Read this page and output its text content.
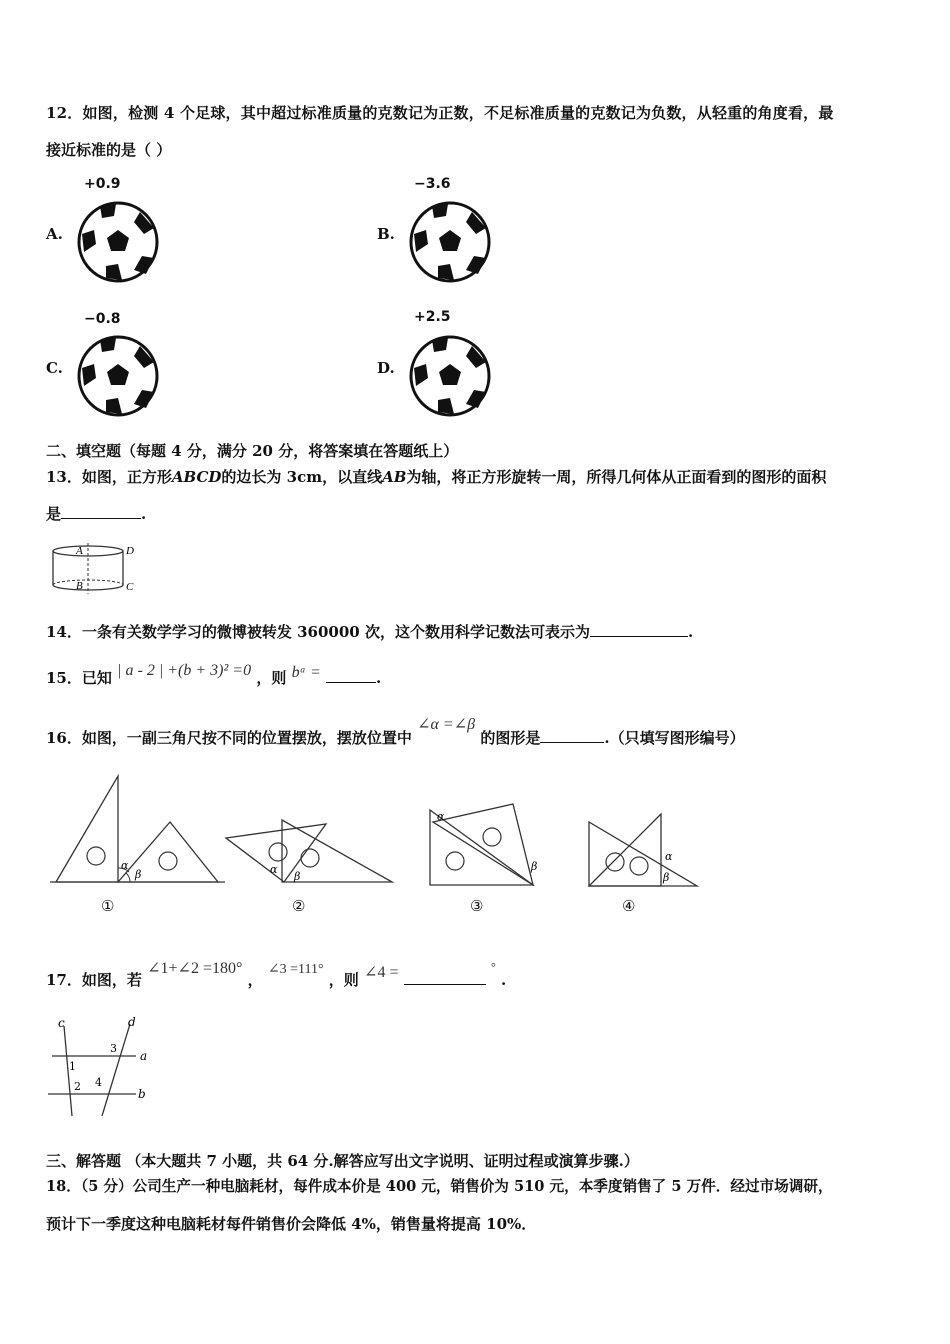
12．如图，检测 4 个足球，其中超过标准质量的克数记为正数，不足标准质量的克数记为负数，从轻重的角度看，最
接近标准的是（ ）
A.
+0.9
B.
−3.6
C.
−0.8
D.
+2.5
二、填空题（每题 4 分，满分 20 分，将答案填在答题纸上）
13．如图，正方形ABCD的边长为 3cm，以直线AB为轴，将正方形旋转一周，所得几何体从正面看到的图形的面积
是	.
A	D
B	C
14．一条有关数学学习的微博被转发 360000 次，这个数用科学记数法可表示为	.
15．已知 | a - 2 | +(b + 3)² =0 ，则 bᵃ =	.
16．如图，一副三角尺按不同的位置摆放，摆放位置中 ∠α =∠β 的图形是	.（只填写图形编号）
α
β	α
β
α
β
α
β
①	②	③	④
17．如图，若 ∠1+∠2 =180° ， ∠3 =111° ，则 ∠4 =	° .
c	d
3
a
1
2 4
b
三、解答题 （本大题共 7 小题，共 64 分.解答应写出文字说明、证明过程或演算步骤.）
18．（5 分）公司生产一种电脑耗材，每件成本价是 400 元，销售价为 510 元，本季度销售了 5 万件．经过市场调研，
预计下一季度这种电脑耗材每件销售价会降低 4%，销售量将提高 10%．
